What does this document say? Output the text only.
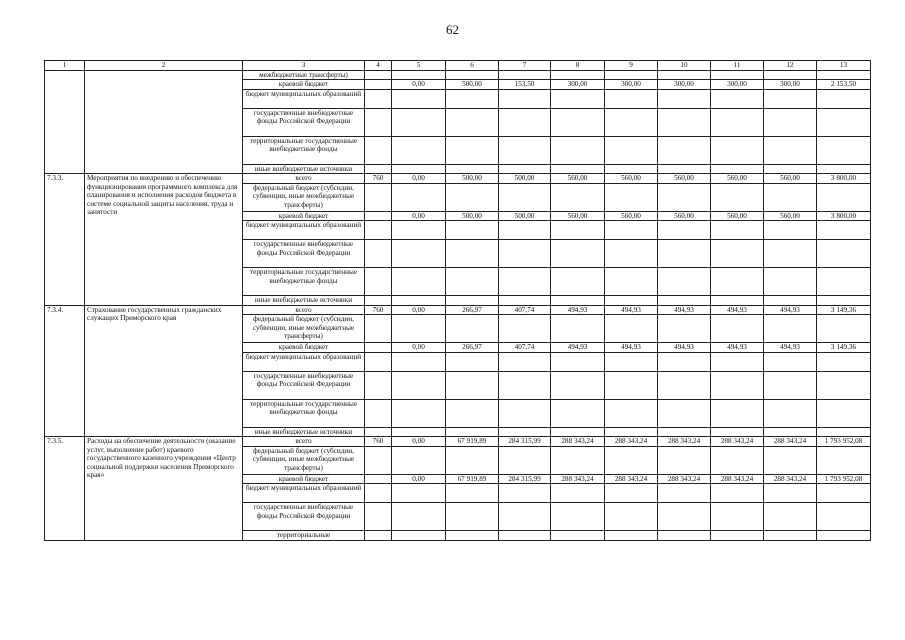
62
1	2	3	4	5	6	7	8	9	10	11	12	13
		межбюджетные трансферты)										
		краевой бюджет		0,00	500,00	153,50	300,00	300,00	300,00	300,00	300,00	2 153,50
		бюджет муниципальных образований										
		государственные внебюджетные фонды Российской Федерации										
		территориальные государственные внебюджетные фонды										
		иные внебюджетные источники										
7.3.3.	Мероприятия по внедрению и обеспечению функционирования программного комплекса для планирования и исполнения расходов бюджета в системе социальной защиты населения, труда и занятости	всего	760	0,00	500,00	500,00	560,00	560,00	560,00	560,00	560,00	3 800,00
		федеральный бюджет (субсидии, субвенции, иные межбюджетные трансферты)										
		краевой бюджет		0,00	500,00	500,00	560,00	560,00	560,00	560,00	560,00	3 800,00
		бюджет муниципальных образований										
		государственные внебюджетные фонды Российской Федерации										
		территориальные государственные внебюджетные фонды										
		иные внебюджетные источники										
7.3.4.	Страхование государственных гражданских служащих Приморского края	всего	760	0,00	266,97	407,74	494,93	494,93	494,93	494,93	494,93	3 149,36
		федеральный бюджет (субсидии, субвенции, иные межбюджетные трансферты)										
		краевой бюджет		0,00	266,97	407,74	494,93	494,93	494,93	494,93	494,93	3 149,36
		бюджет муниципальных образований										
		государственные внебюджетные фонды Российской Федерации										
		территориальные государственные внебюджетные фонды										
		иные внебюджетные источники										
7.3.5.	Расходы на обеспечение деятельности (оказание услуг, выполнение работ) краевого государственного казенного учреждения «Центр социальной поддержки населения Приморского края»	всего	760	0,00	67 919,89	284 315,99	288 343,24	288 343,24	288 343,24	288 343,24	288 343,24	1 793 952,08
		федеральный бюджет (субсидии, субвенции, иные межбюджетные трансферты)										
		краевой бюджет		0,00	67 919,89	284 315,99	288 343,24	288 343,24	288 343,24	288 343,24	288 343,24	1 793 952,08
		бюджет муниципальных образований										
		государственные внебюджетные фонды Российской Федерации										
		территориальные										
